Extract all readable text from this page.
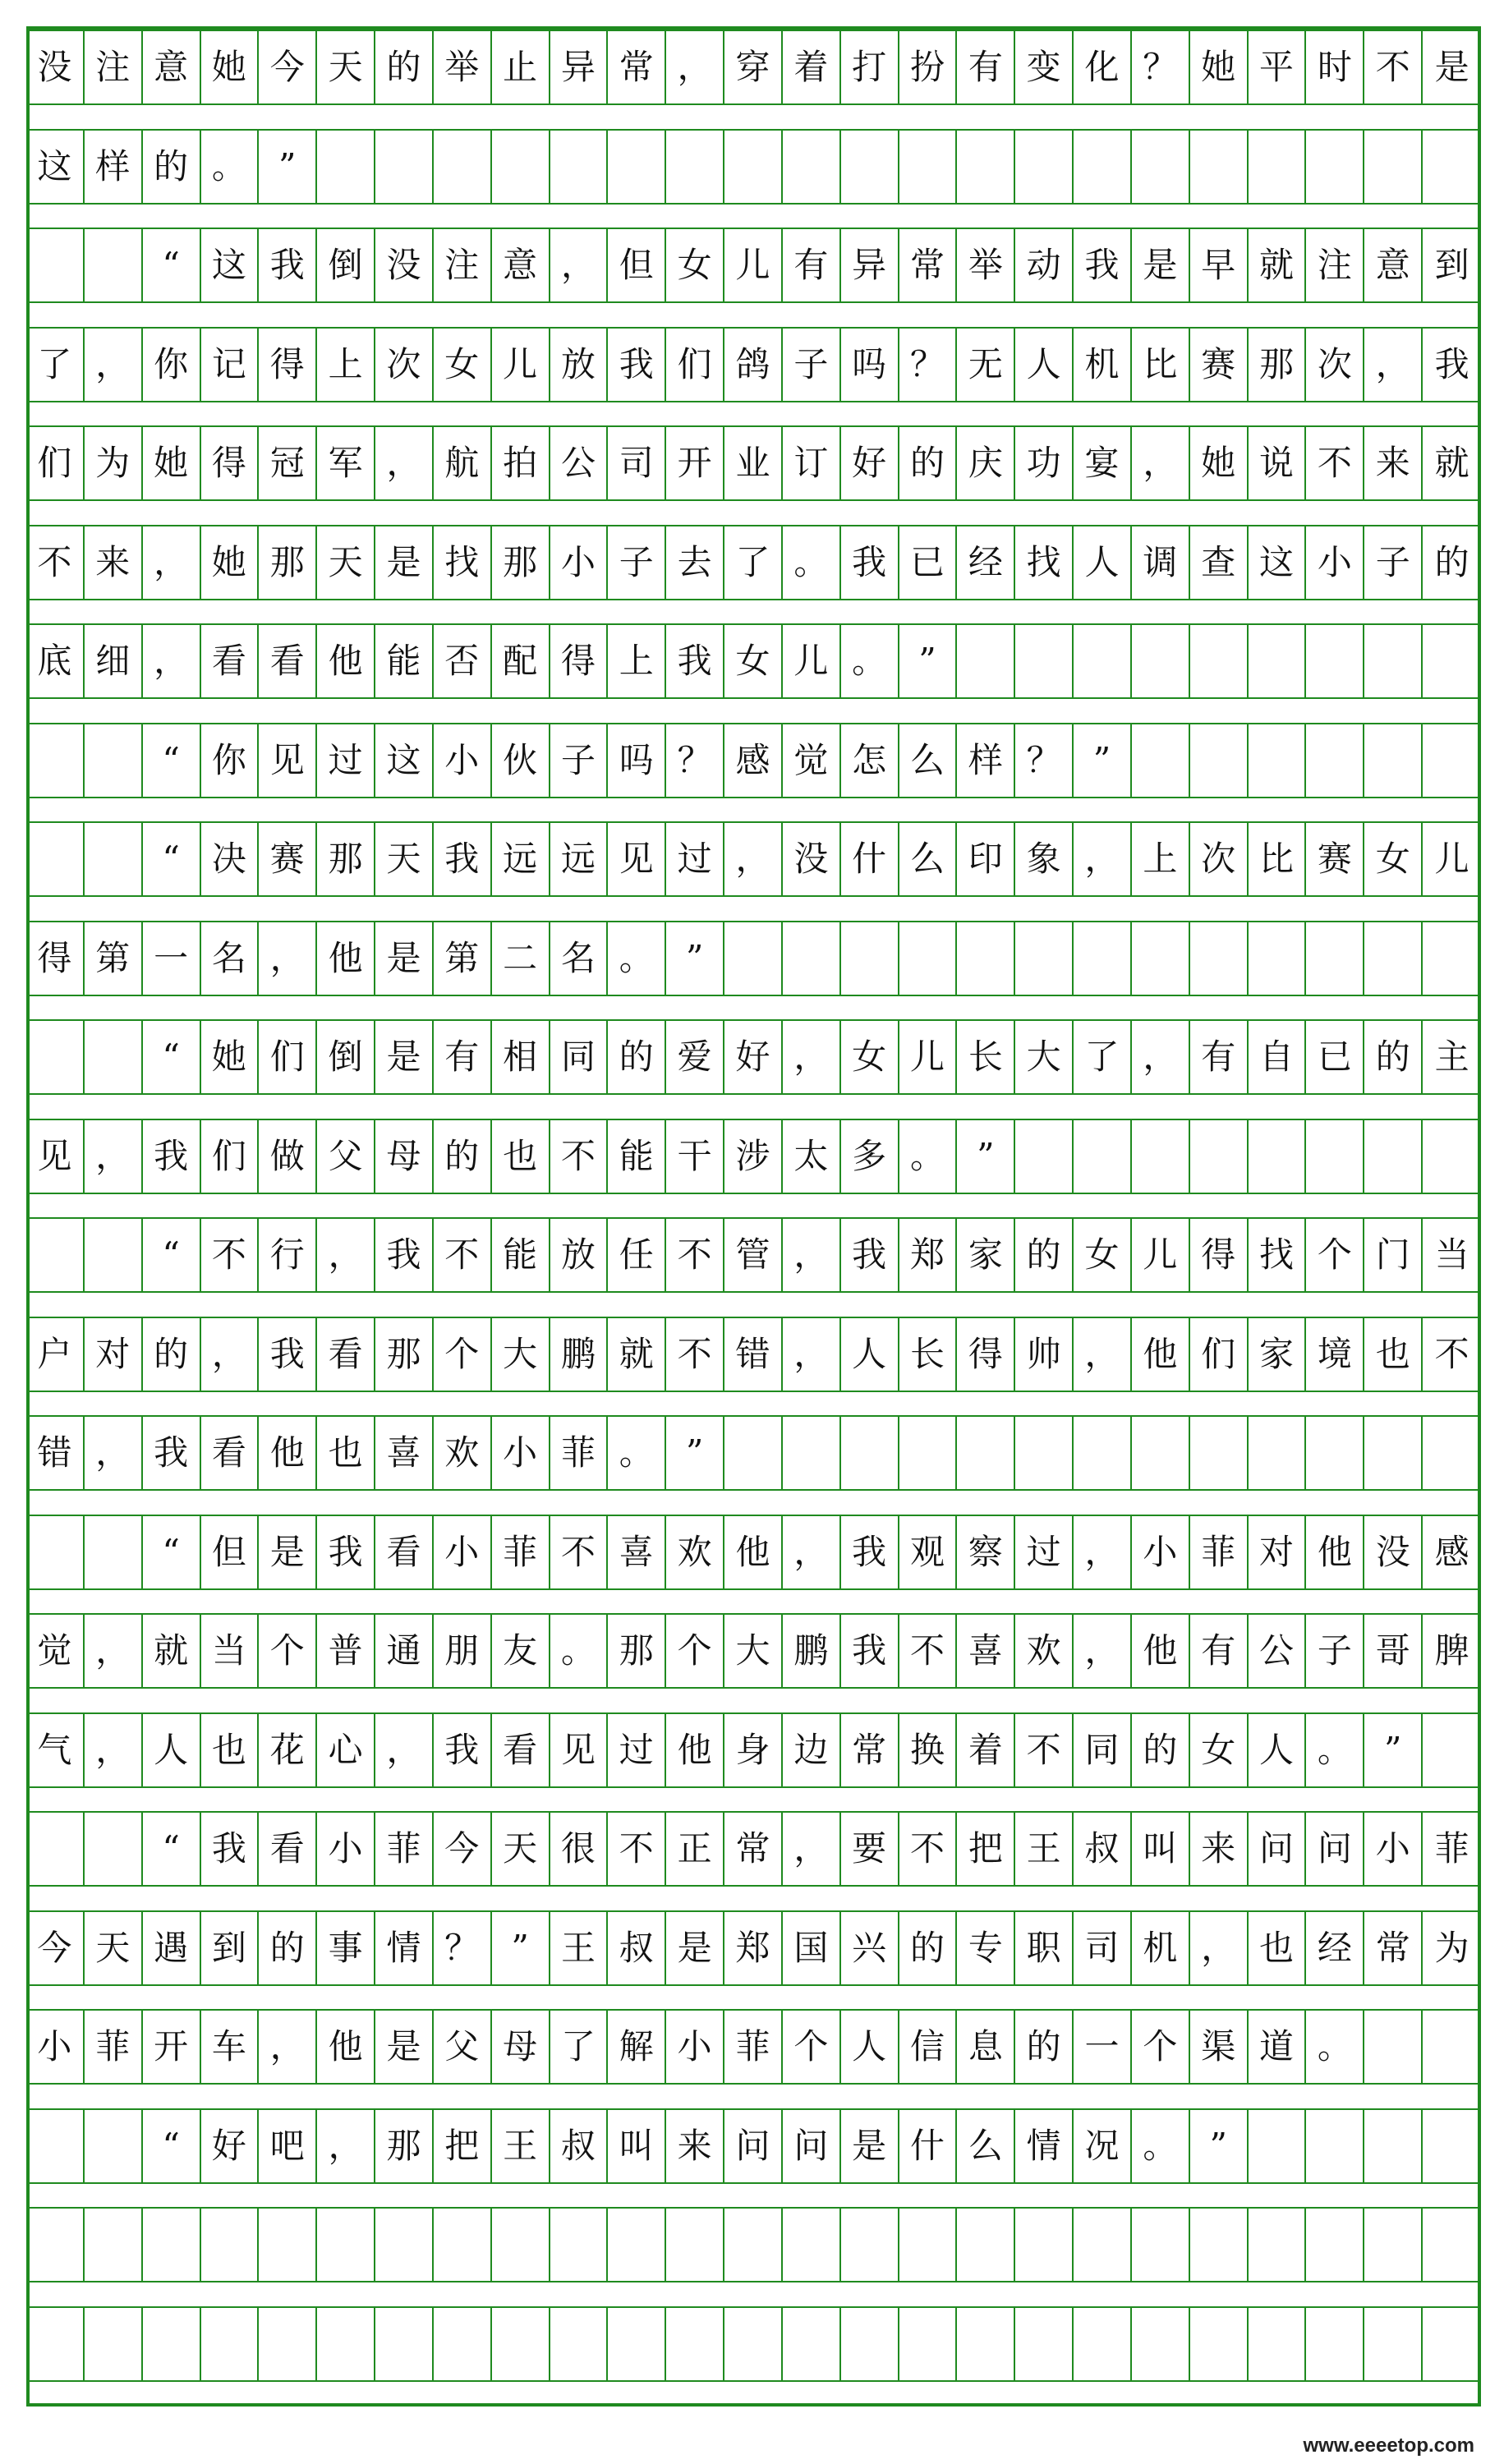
没 注 意 她 今 天 的 举 止 异 常 ， 穿 着 打 扮 有 变 化 ？ 她 平 时 不 是
这 样 的 。 ”
“ 这 我 倒 没 注 意 ， 但 女 儿 有 异 常 举 动 我 是 早 就 注 意 到
了 ， 你 记 得 上 次 女 儿 放 我 们 鸽 子 吗 ？ 无 人 机 比 赛 那 次 ， 我
们 为 她 得 冠 军 ， 航 拍 公 司 开 业 订 好 的 庆 功 宴 ， 她 说 不 来 就
不 来 ， 她 那 天 是 找 那 小 子 去 了 。 我 已 经 找 人 调 查 这 小 子 的
底 细 ， 看 看 他 能 否 配 得 上 我 女 儿 。 ”
“ 你 见 过 这 小 伙 子 吗 ？ 感 觉 怎 么 样 ？ ”
“ 决 赛 那 天 我 远 远 见 过 ， 没 什 么 印 象 ， 上 次 比 赛 女 儿
得 第 一 名 ， 他 是 第 二 名 。 ”
“ 她 们 倒 是 有 相 同 的 爱 好 ， 女 儿 长 大 了 ， 有 自 已 的 主
见 ， 我 们 做 父 母 的 也 不 能 干 涉 太 多 。 ”
“ 不 行 ， 我 不 能 放 任 不 管 ， 我 郑 家 的 女 儿 得 找 个 门 当
户 对 的 ， 我 看 那 个 大 鹏 就 不 错 ， 人 长 得 帅 ， 他 们 家 境 也 不
错 ， 我 看 他 也 喜 欢 小 菲 。 ”
“ 但 是 我 看 小 菲 不 喜 欢 他 ， 我 观 察 过 ， 小 菲 对 他 没 感
觉 ， 就 当 个 普 通 朋 友 。 那 个 大 鹏 我 不 喜 欢 ， 他 有 公 子 哥 脾
气 ， 人 也 花 心 ， 我 看 见 过 他 身 边 常 换 着 不 同 的 女 人 。 ”
“ 我 看 小 菲 今 天 很 不 正 常 ， 要 不 把 王 叔 叫 来 问 问 小 菲
今 天 遇 到 的 事 情 ？ ” 王 叔 是 郑 国 兴 的 专 职 司 机 ， 也 经 常 为
小 菲 开 车 ， 他 是 父 母 了 解 小 菲 个 人 信 息 的 一 个 渠 道 。
“ 好 吧 ， 那 把 王 叔 叫 来 问 问 是 什 么 情 况 。 ”
www.eeeetop.com
